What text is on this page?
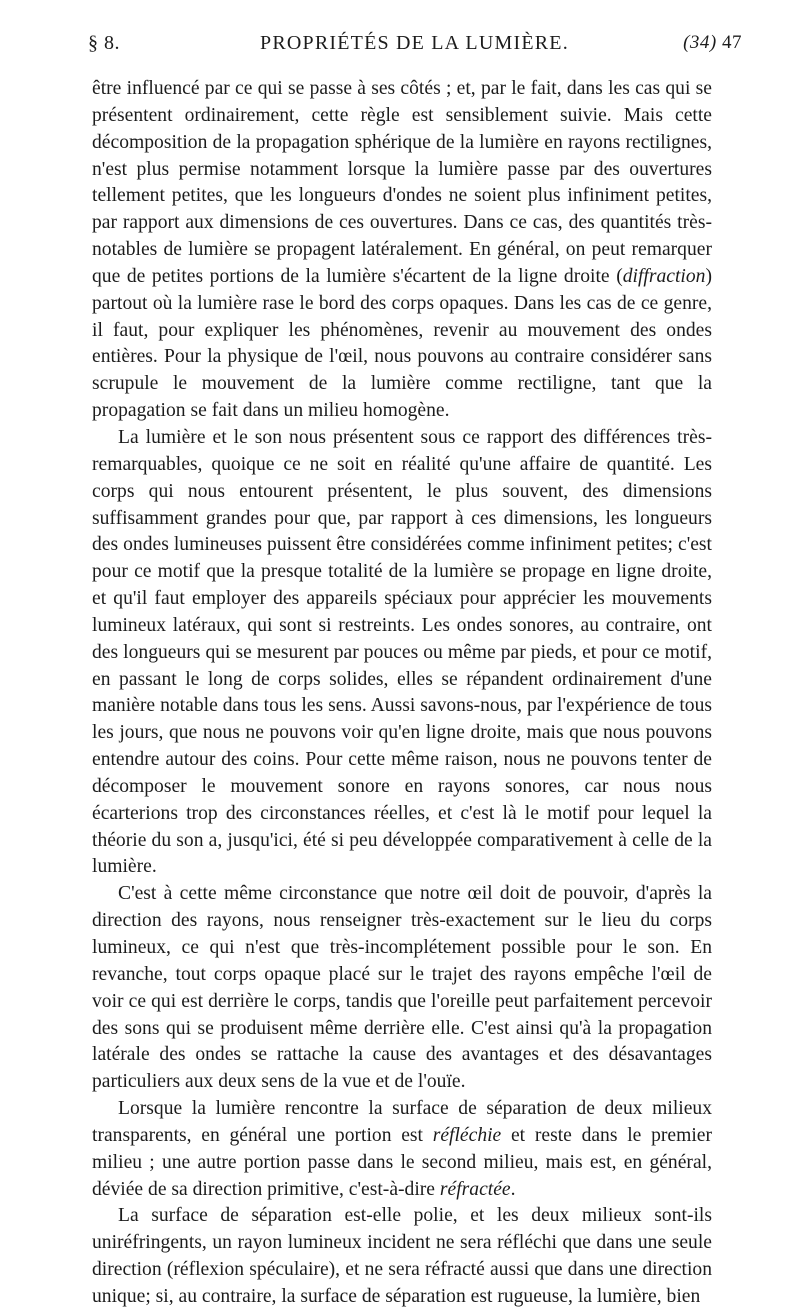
§ 8.	PROPRIÉTÉS DE LA LUMIÈRE.	(34) 47

être influencé par ce qui se passe à ses côtés ; et, par le fait, dans les cas qui se présentent ordinairement, cette règle est sensiblement suivie. Mais cette décomposition de la propagation sphérique de la lumière en rayons rectilignes, n'est plus permise notamment lorsque la lumière passe par des ouvertures tellement petites, que les longueurs d'ondes ne soient plus infiniment petites, par rapport aux dimensions de ces ouvertures. Dans ce cas, des quantités très-notables de lumière se propagent latéralement. En général, on peut remarquer que de petites portions de la lumière s'écartent de la ligne droite (diffraction) partout où la lumière rase le bord des corps opaques. Dans les cas de ce genre, il faut, pour expliquer les phénomènes, revenir au mouvement des ondes entières. Pour la physique de l'œil, nous pouvons au contraire considérer sans scrupule le mouvement de la lumière comme rectiligne, tant que la propagation se fait dans un milieu homogène.

La lumière et le son nous présentent sous ce rapport des différences très-remarquables, quoique ce ne soit en réalité qu'une affaire de quantité. Les corps qui nous entourent présentent, le plus souvent, des dimensions suffisamment grandes pour que, par rapport à ces dimensions, les longueurs des ondes lumineuses puissent être considérées comme infiniment petites; c'est pour ce motif que la presque totalité de la lumière se propage en ligne droite, et qu'il faut employer des appareils spéciaux pour apprécier les mouvements lumineux latéraux, qui sont si restreints. Les ondes sonores, au contraire, ont des longueurs qui se mesurent par pouces ou même par pieds, et pour ce motif, en passant le long de corps solides, elles se répandent ordinairement d'une manière notable dans tous les sens. Aussi savons-nous, par l'expérience de tous les jours, que nous ne pouvons voir qu'en ligne droite, mais que nous pouvons entendre autour des coins. Pour cette même raison, nous ne pouvons tenter de décomposer le mouvement sonore en rayons sonores, car nous nous écarterions trop des circonstances réelles, et c'est là le motif pour lequel la théorie du son a, jusqu'ici, été si peu développée comparativement à celle de la lumière.

C'est à cette même circonstance que notre œil doit de pouvoir, d'après la direction des rayons, nous renseigner très-exactement sur le lieu du corps lumineux, ce qui n'est que très-incomplétement possible pour le son. En revanche, tout corps opaque placé sur le trajet des rayons empêche l'œil de voir ce qui est derrière le corps, tandis que l'oreille peut parfaitement percevoir des sons qui se produisent même derrière elle. C'est ainsi qu'à la propagation latérale des ondes se rattache la cause des avantages et des désavantages particuliers aux deux sens de la vue et de l'ouïe.

Lorsque la lumière rencontre la surface de séparation de deux milieux transparents, en général une portion est réfléchie et reste dans le premier milieu ; une autre portion passe dans le second milieu, mais est, en général, déviée de sa direction primitive, c'est-à-dire réfractée.

La surface de séparation est-elle polie, et les deux milieux sont-ils uniréfringents, un rayon lumineux incident ne sera réfléchi que dans une seule direction (réflexion spéculaire), et ne sera réfracté aussi que dans une direction unique; si, au contraire, la surface de séparation est rugueuse, la lumière, bien
